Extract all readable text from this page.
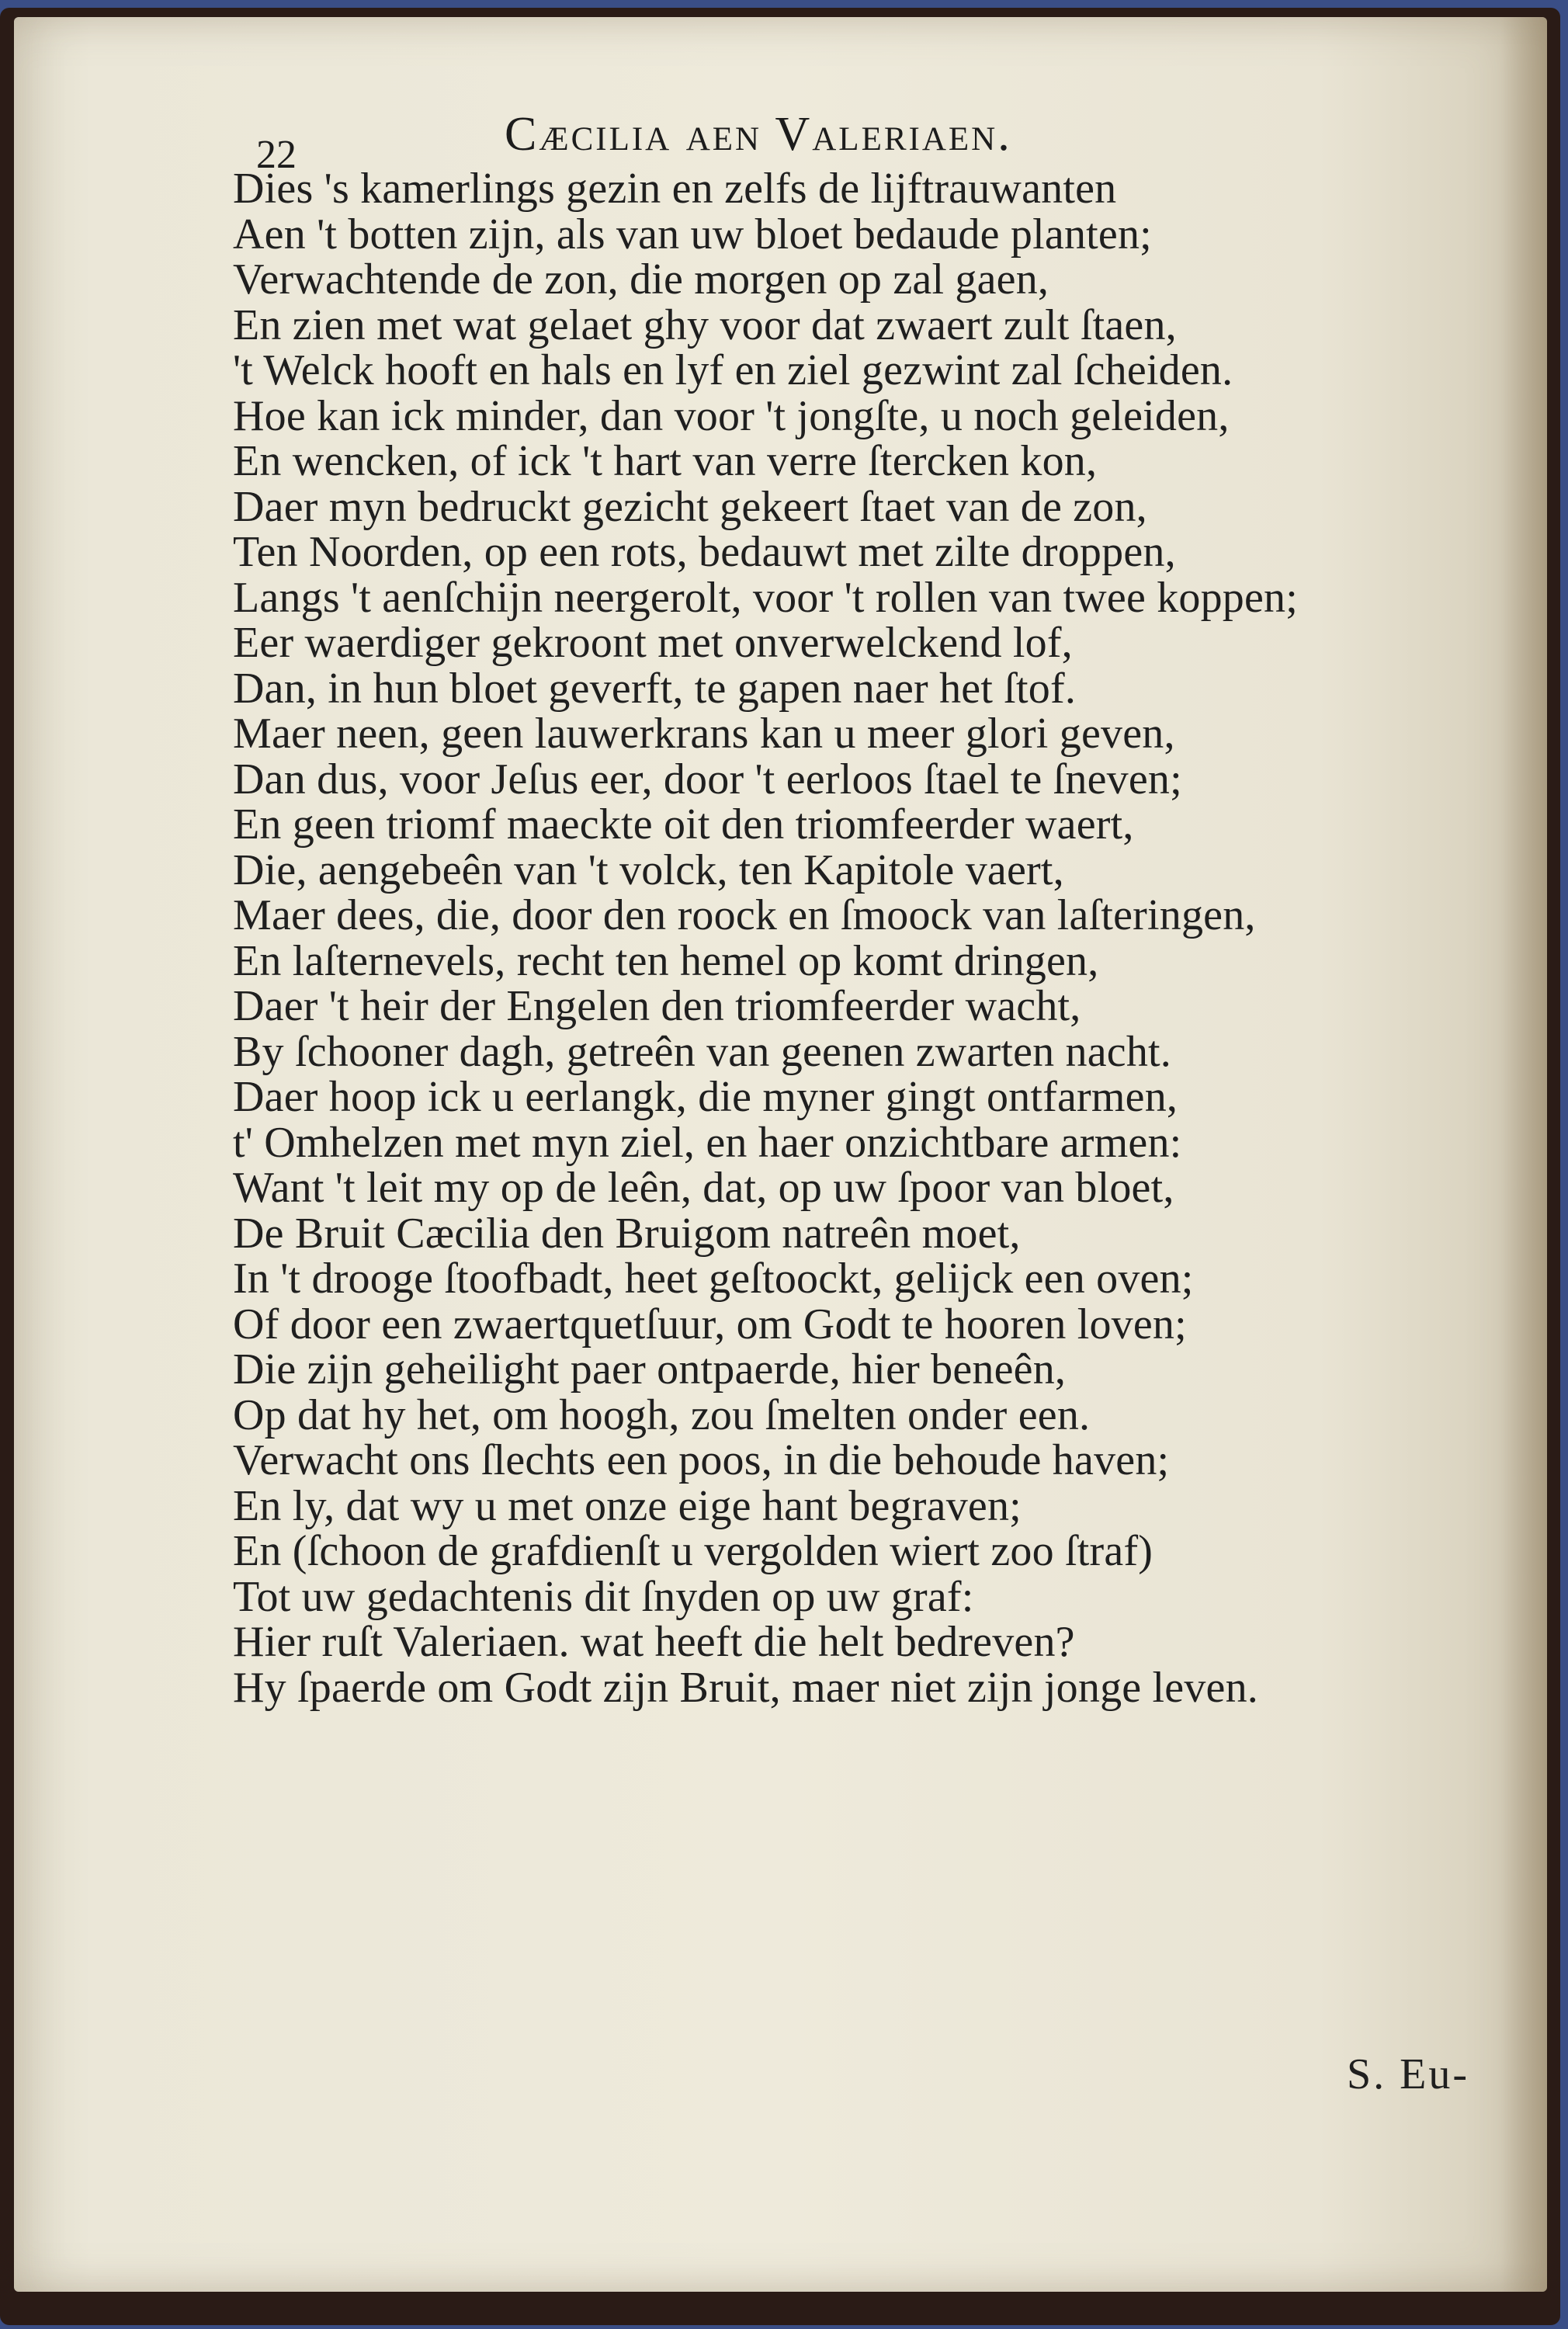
22	Cæcilia aen Valeriaen.
Dies 's kamerlings gezin en zelfs de lijftrauwanten
Aen 't botten zijn, als van uw bloet bedaude planten;
Verwachtende de zon, die morgen op zal gaen,
En zien met wat gelaet ghy voor dat zwaert zult ſtaen,
't Welck hooft en hals en lyf en ziel gezwint zal ſcheiden.
Hoe kan ick minder, dan voor 't jongſte, u noch geleiden,
En wencken, of ick 't hart van verre ſtercken kon,
Daer myn bedruckt gezicht gekeert ſtaet van de zon,
Ten Noorden, op een rots, bedauwt met zilte droppen,
Langs 't aenſchijn neergerolt, voor 't rollen van twee koppen;
Eer waerdiger gekroont met onverwelckend lof,
Dan, in hun bloet geverft, te gapen naer het ſtof.
Maer neen, geen lauwerkrans kan u meer glori geven,
Dan dus, voor Jeſus eer, door 't eerloos ſtael te ſneven;
En geen triomf maeckte oit den triomfeerder waert,
Die, aengebeên van 't volck, ten Kapitole vaert,
Maer dees, die, door den roock en ſmoock van laſteringen,
En laſternevels, recht ten hemel op komt dringen,
Daer 't heir der Engelen den triomfeerder wacht,
By ſchooner dagh, getreên van geenen zwarten nacht.
Daer hoop ick u eerlangk, die myner gingt ontfarmen,
t' Omhelzen met myn ziel, en haer onzichtbare armen:
Want 't leit my op de leên, dat, op uw ſpoor van bloet,
De Bruit Cæcilia den Bruigom natreên moet,
In 't drooge ſtoofbadt, heet geſtoockt, gelijck een oven;
Of door een zwaertquetſuur, om Godt te hooren loven;
Die zijn geheilight paer ontpaerde, hier beneên,
Op dat hy het, om hoogh, zou ſmelten onder een.
Verwacht ons ſlechts een poos, in die behoude haven;
En ly, dat wy u met onze eige hant begraven;
En (ſchoon de grafdienſt u vergolden wiert zoo ſtraf)
Tot uw gedachtenis dit ſnyden op uw graf:
Hier ruſt Valeriaen. wat heeft die helt bedreven?
Hy ſpaerde om Godt zijn Bruit, maer niet zijn jonge leven.
S. Eu-
